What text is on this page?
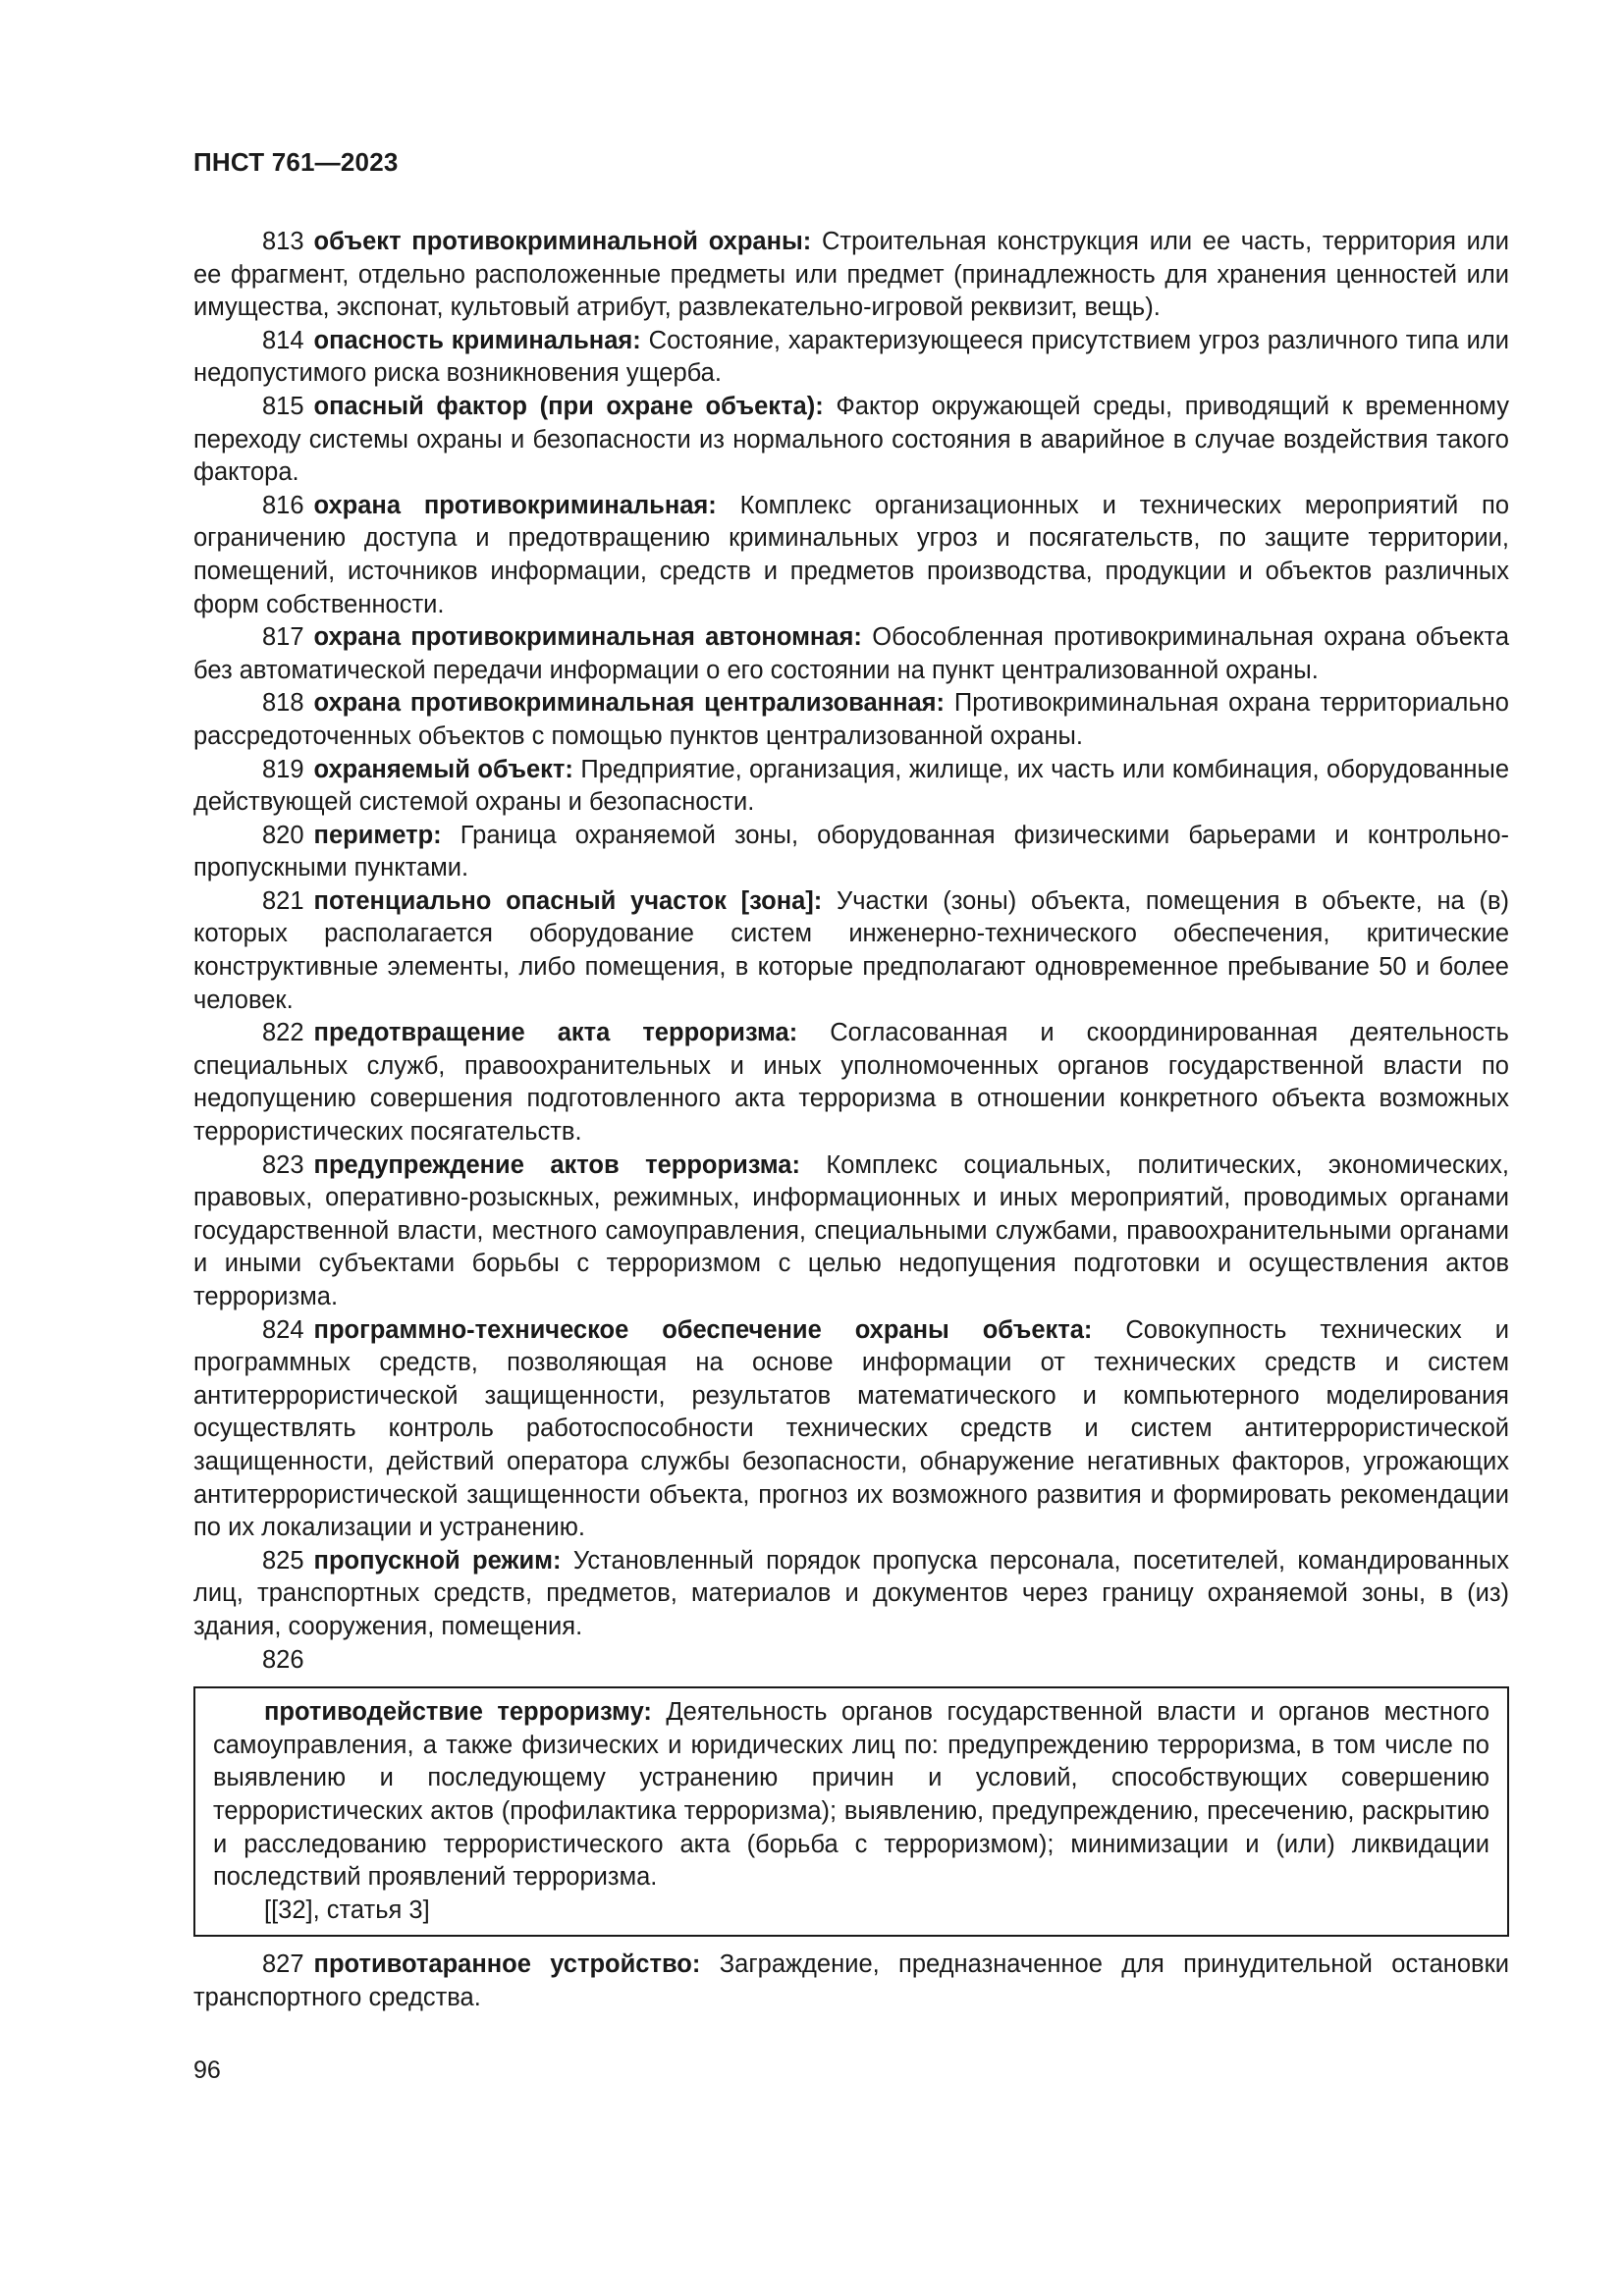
ПНСТ 761—2023

813 объект противокриминальной охраны: Строительная конструкция или ее часть, территория или ее фрагмент, отдельно расположенные предметы или предмет (принадлежность для хранения ценностей или имущества, экспонат, культовый атрибут, развлекательно-игровой реквизит, вещь).

814 опасность криминальная: Состояние, характеризующееся присутствием угроз различного типа или недопустимого риска возникновения ущерба.

815 опасный фактор (при охране объекта): Фактор окружающей среды, приводящий к временному переходу системы охраны и безопасности из нормального состояния в аварийное в случае воздействия такого фактора.

816 охрана противокриминальная: Комплекс организационных и технических мероприятий по ограничению доступа и предотвращению криминальных угроз и посягательств, по защите территории, помещений, источников информации, средств и предметов производства, продукции и объектов различных форм собственности.

817 охрана противокриминальная автономная: Обособленная противокриминальная охрана объекта без автоматической передачи информации о его состоянии на пункт централизованной охраны.

818 охрана противокриминальная централизованная: Противокриминальная охрана территориально рассредоточенных объектов с помощью пунктов централизованной охраны.

819 охраняемый объект: Предприятие, организация, жилище, их часть или комбинация, оборудованные действующей системой охраны и безопасности.

820 периметр: Граница охраняемой зоны, оборудованная физическими барьерами и контрольно-пропускными пунктами.

821 потенциально опасный участок [зона]: Участки (зоны) объекта, помещения в объекте, на (в) которых располагается оборудование систем инженерно-технического обеспечения, критические конструктивные элементы, либо помещения, в которые предполагают одновременное пребывание 50 и более человек.

822 предотвращение акта терроризма: Согласованная и скоординированная деятельность специальных служб, правоохранительных и иных уполномоченных органов государственной власти по недопущению совершения подготовленного акта терроризма в отношении конкретного объекта возможных террористических посягательств.

823 предупреждение актов терроризма: Комплекс социальных, политических, экономических, правовых, оперативно-розыскных, режимных, информационных и иных мероприятий, проводимых органами государственной власти, местного самоуправления, специальными службами, правоохранительными органами и иными субъектами борьбы с терроризмом с целью недопущения подготовки и осуществления актов терроризма.

824 программно-техническое обеспечение охраны объекта: Совокупность технических и программных средств, позволяющая на основе информации от технических средств и систем антитеррористической защищенности, результатов математического и компьютерного моделирования осуществлять контроль работоспособности технических средств и систем антитеррористической защищенности, действий оператора службы безопасности, обнаружение негативных факторов, угрожающих антитеррористической защищенности объекта, прогноз их возможного развития и формировать рекомендации по их локализации и устранению.

825 пропускной режим: Установленный порядок пропуска персонала, посетителей, командированных лиц, транспортных средств, предметов, материалов и документов через границу охраняемой зоны, в (из) здания, сооружения, помещения.

826

противодействие терроризму: Деятельность органов государственной власти и органов местного самоуправления, а также физических и юридических лиц по: предупреждению терроризма, в том числе по выявлению и последующему устранению причин и условий, способствующих совершению террористических актов (профилактика терроризма); выявлению, предупреждению, пресечению, раскрытию и расследованию террористического акта (борьба с терроризмом); минимизации и (или) ликвидации последствий проявлений терроризма.

[[32], статья 3]

827 противотаранное устройство: Заграждение, предназначенное для принудительной остановки транспортного средства.

96
